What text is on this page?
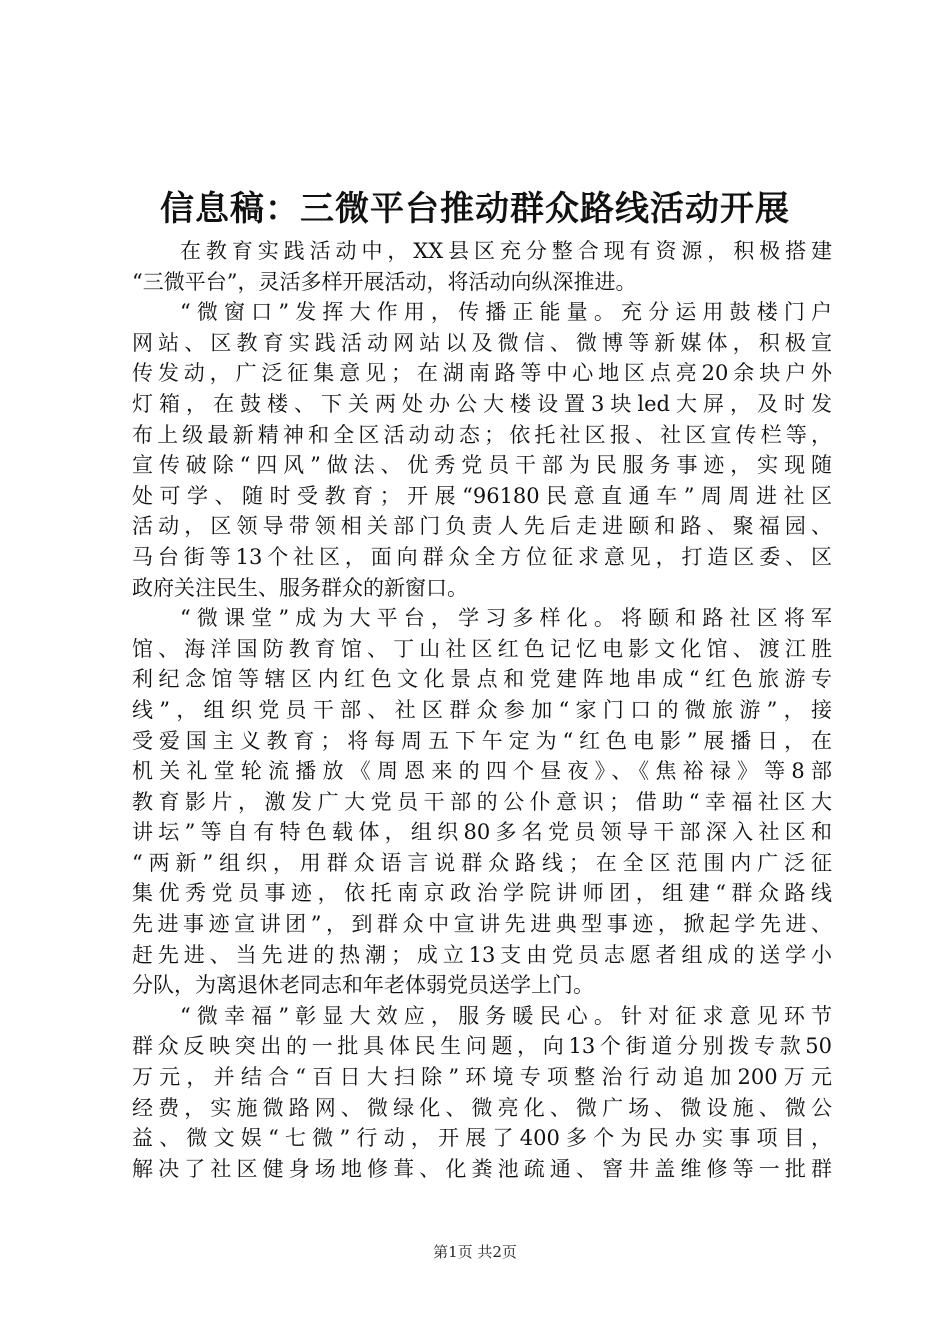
信息稿：三微平台推动群众路线活动开展
在教育实践活动中，XX县区充分整合现有资源，积极搭建
“三微平台”，灵活多样开展活动，将活动向纵深推进。
“微窗口”发挥大作用，传播正能量。充分运用鼓楼门户
网站、区教育实践活动网站以及微信、微博等新媒体，积极宣
传发动，广泛征集意见；在湖南路等中心地区点亮20余块户外
灯箱，在鼓楼、下关两处办公大楼设置3块led大屏，及时发
布上级最新精神和全区活动动态；依托社区报、社区宣传栏等，
宣传破除“四风”做法、优秀党员干部为民服务事迹，实现随
处可学、随时受教育；开展“96180民意直通车”周周进社区
活动，区领导带领相关部门负责人先后走进颐和路、聚福园、
马台街等13个社区，面向群众全方位征求意见，打造区委、区
政府关注民生、服务群众的新窗口。
“微课堂”成为大平台，学习多样化。将颐和路社区将军
馆、海洋国防教育馆、丁山社区红色记忆电影文化馆、渡江胜
利纪念馆等辖区内红色文化景点和党建阵地串成“红色旅游专
线”，组织党员干部、社区群众参加“家门口的微旅游”，接
受爱国主义教育；将每周五下午定为“红色电影”展播日，在
机关礼堂轮流播放《周恩来的四个昼夜》、《焦裕禄》等8部
教育影片，激发广大党员干部的公仆意识；借助“幸福社区大
讲坛”等自有特色载体，组织80多名党员领导干部深入社区和
“两新”组织，用群众语言说群众路线；在全区范围内广泛征
集优秀党员事迹，依托南京政治学院讲师团，组建“群众路线
先进事迹宣讲团”，到群众中宣讲先进典型事迹，掀起学先进、
赶先进、当先进的热潮；成立13支由党员志愿者组成的送学小
分队，为离退休老同志和年老体弱党员送学上门。
“微幸福”彰显大效应，服务暖民心。针对征求意见环节
群众反映突出的一批具体民生问题，向13个街道分别拨专款50
万元，并结合“百日大扫除”环境专项整治行动追加200万元
经费，实施微路网、微绿化、微亮化、微广场、微设施、微公
益、微文娱“七微”行动，开展了400多个为民办实事项目，
解决了社区健身场地修葺、化粪池疏通、窨井盖维修等一批群
第1页 共2页
